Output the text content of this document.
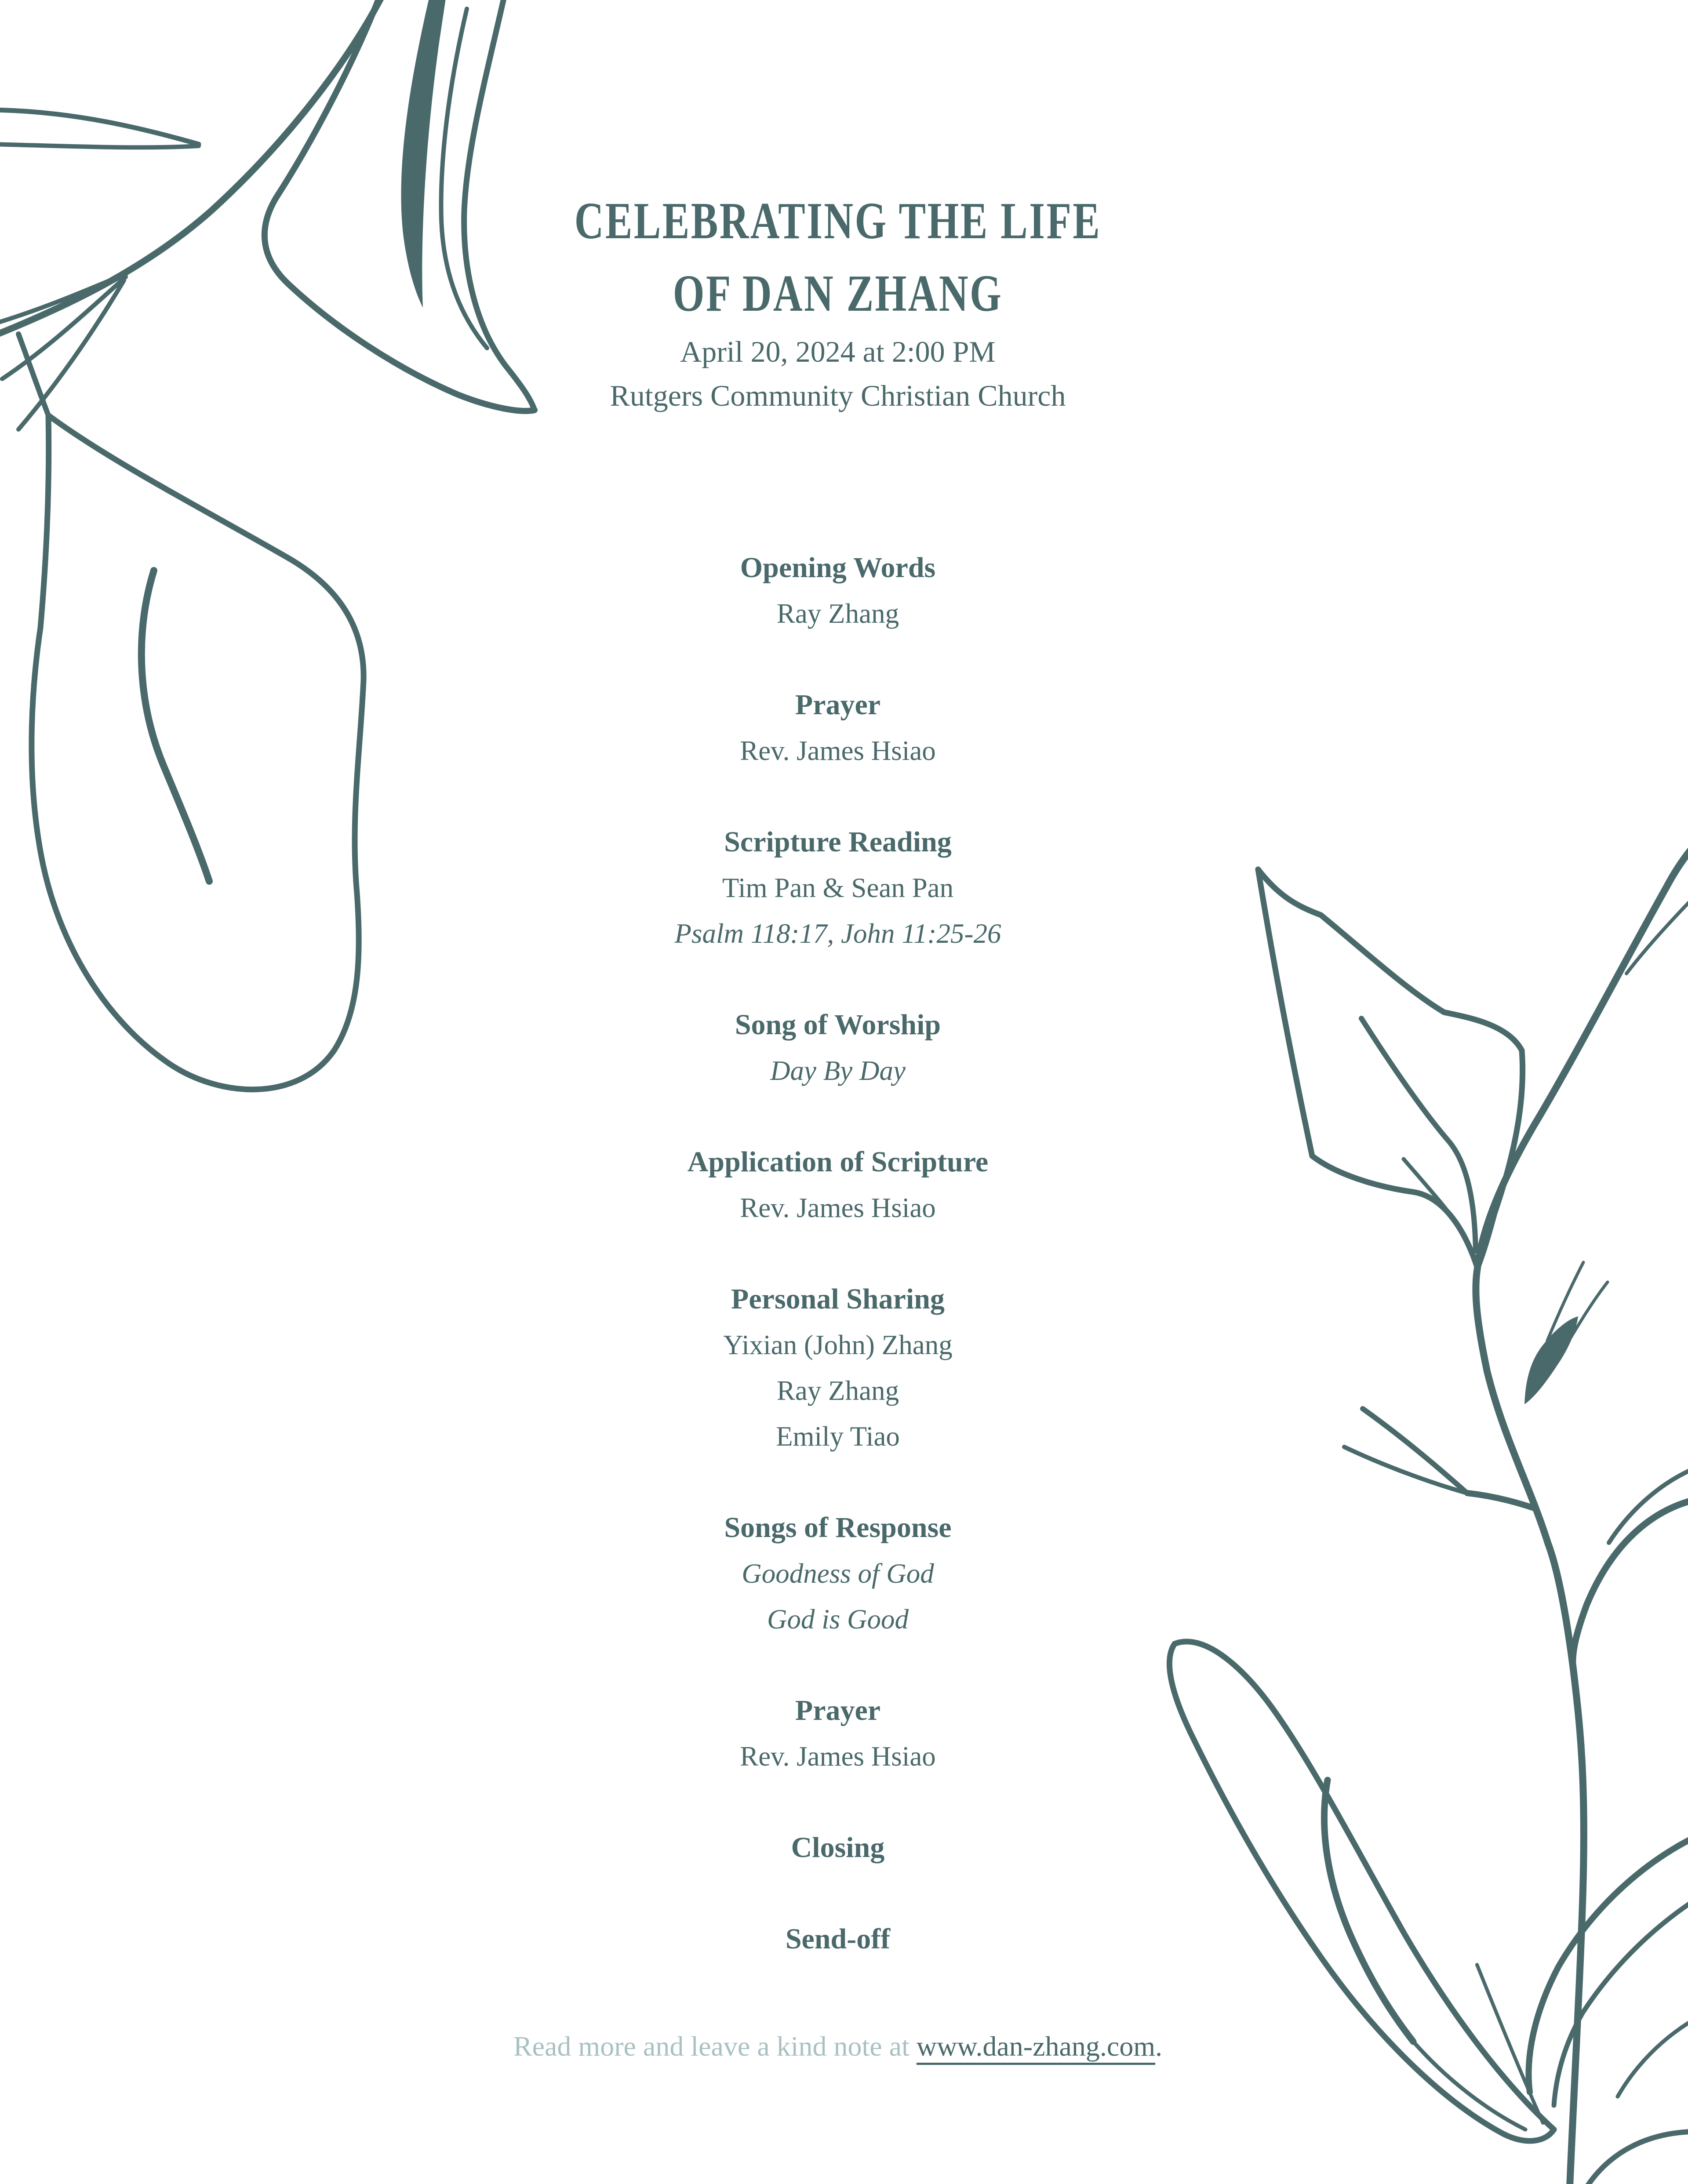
CELEBRATING THE LIFE
OF DAN ZHANG

April 20, 2024 at 2:00 PM

Rutgers Community Christian Church

Opening Words

Ray Zhang

Prayer

Rev. James Hsiao

Scripture Reading

Tim Pan & Sean Pan

Psalm 118:17, John 11:25-26

Song of Worship

Day By Day

Application of Scripture

Rev. James Hsiao

Personal Sharing

Yixian (John) Zhang

Ray Zhang

Emily Tiao

Songs of Response

Goodness of God

God is Good

Prayer

Rev. James Hsiao

Closing
Send-off
Read more and leave a kind note at www.dan-zhang.com.
